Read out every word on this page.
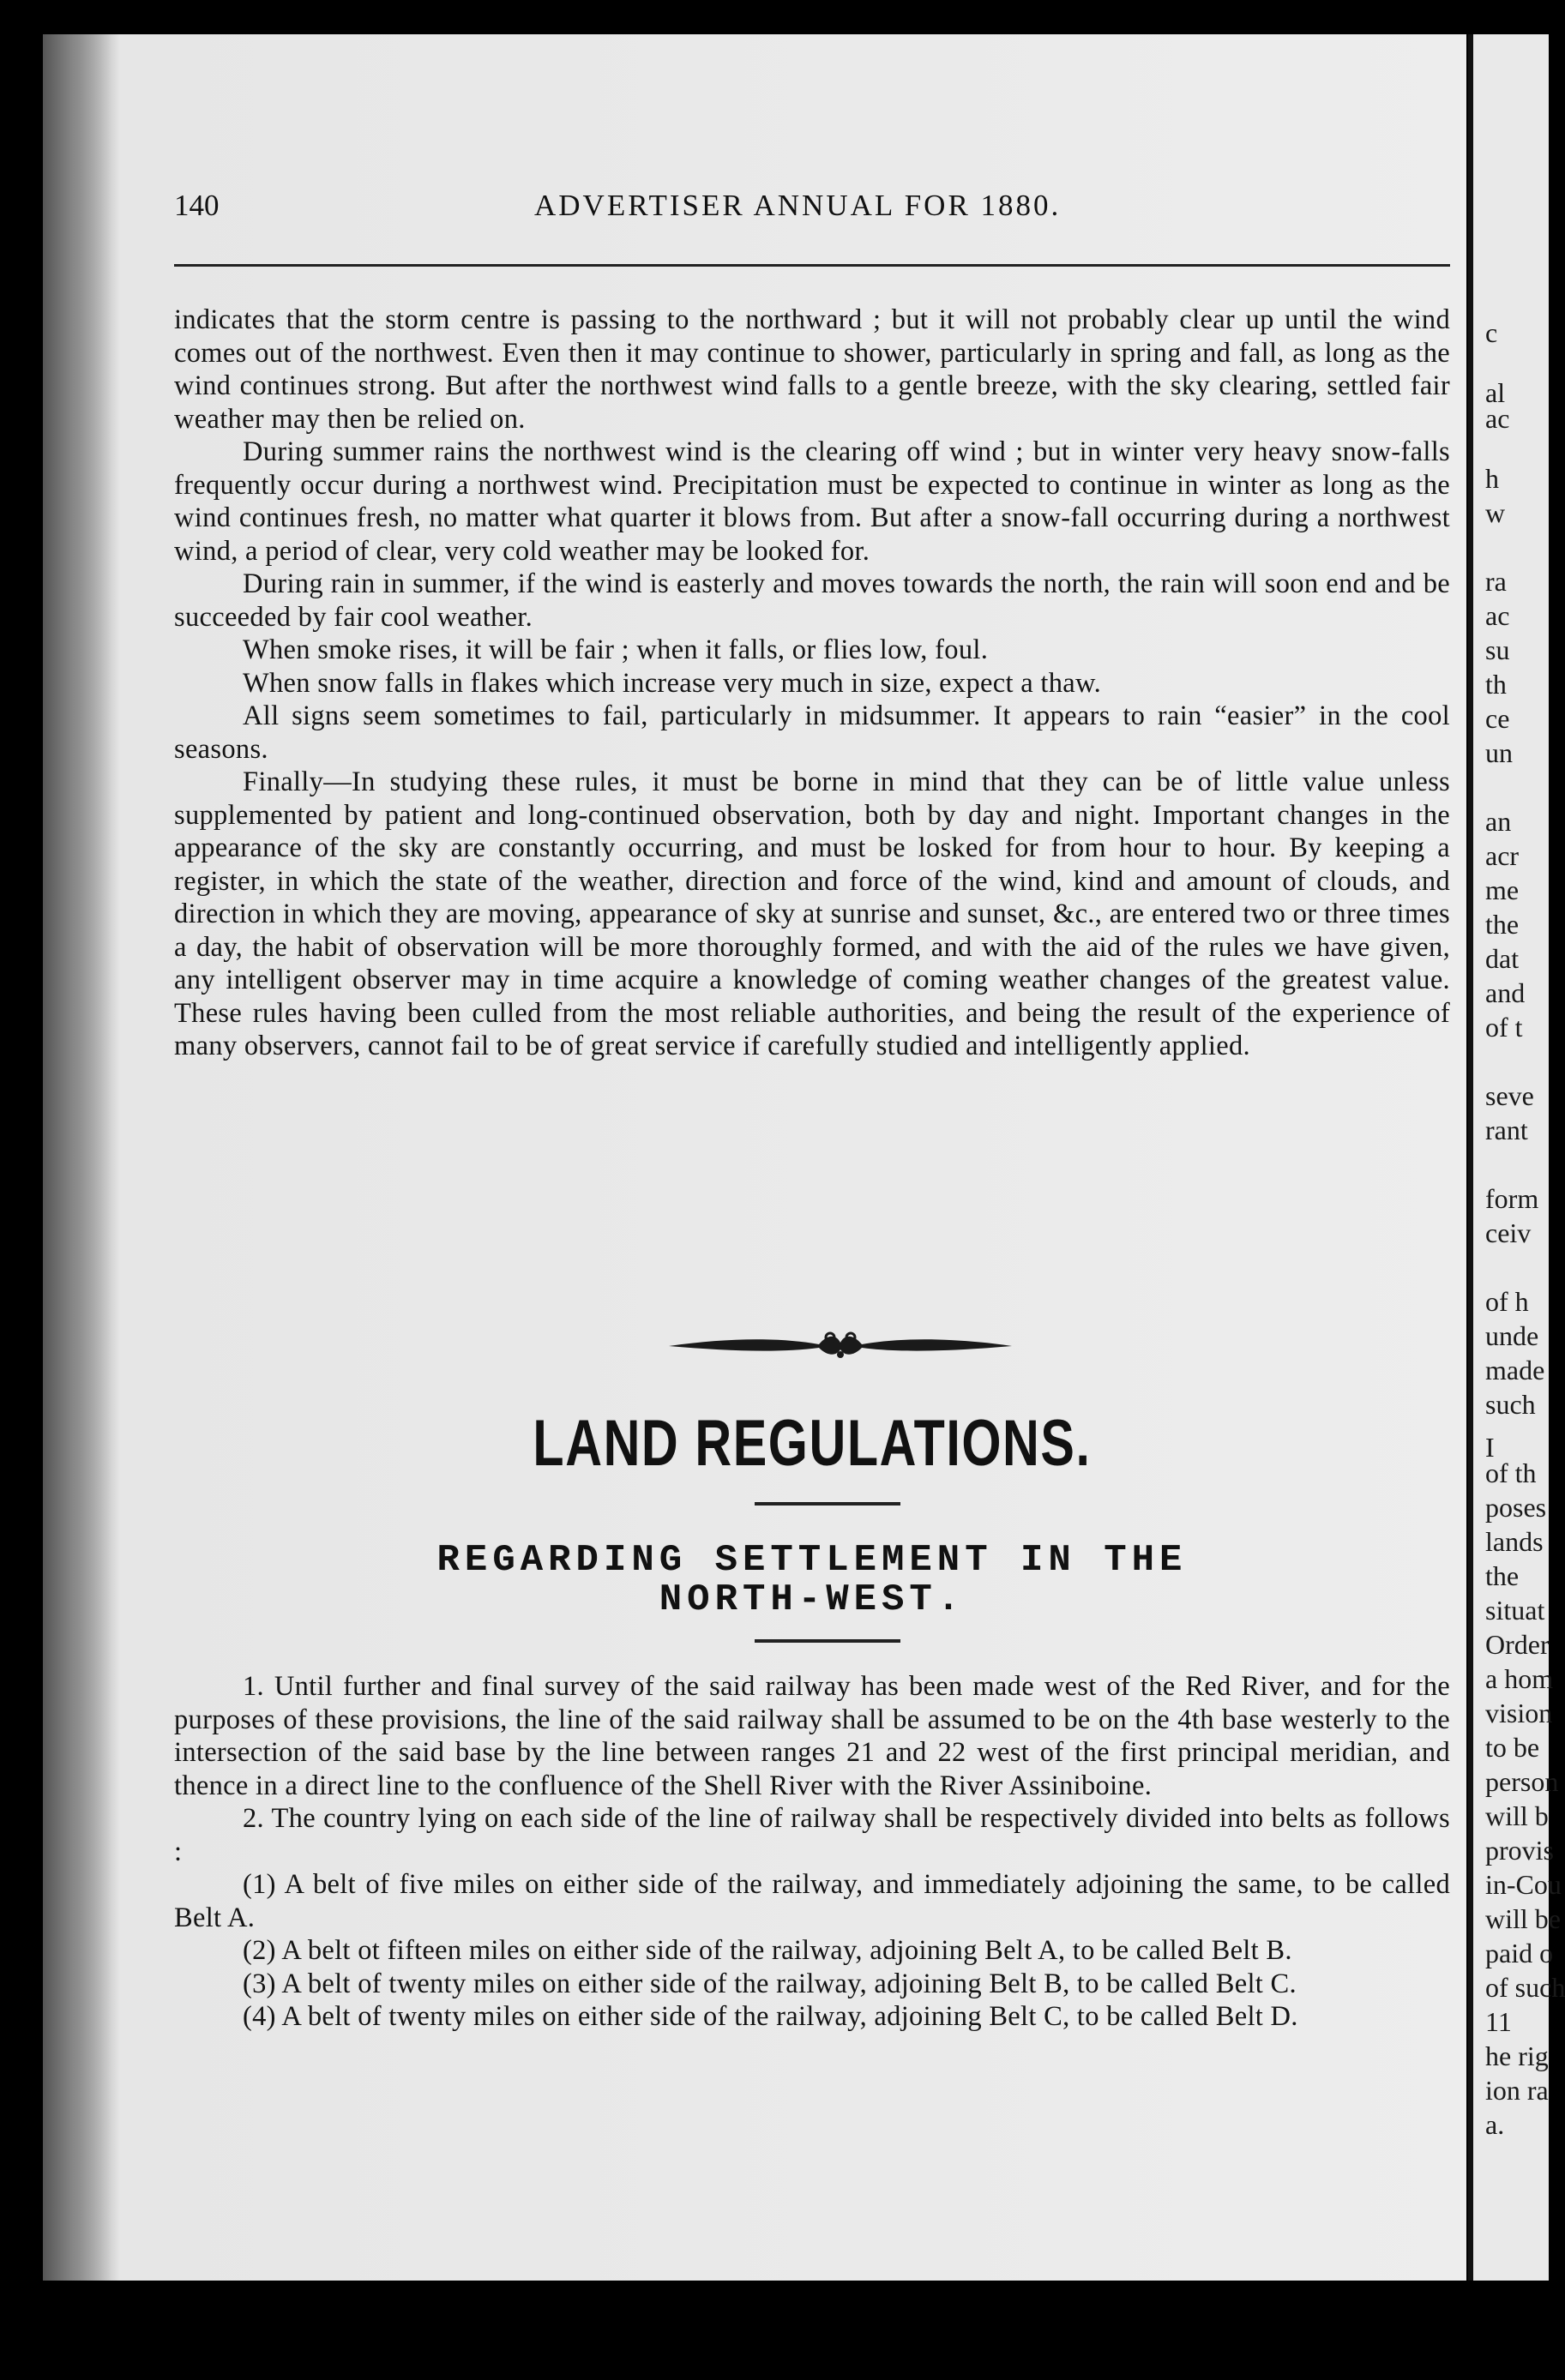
c
al
ac
h
w
ra
ac
su
th
ce
un
an
acr
me
the
dat
and
of t
seve
rant
form
ceiv
of h
unde
made
such
I
of th
poses
lands
the
situat
Order
a hom
vision
to be
person
will b
provis
in-Cou
will be
paid o
of such
11
he rig
ion ra
a.
140	ADVERTISER ANNUAL FOR 1880.

indicates that the storm centre is passing to the northward ; but it will not probably clear up until the wind comes out of the northwest. Even then it may continue to shower, particularly in spring and fall, as long as the wind continues strong. But after the northwest wind falls to a gentle breeze, with the sky clearing, settled fair weather may then be relied on.

During summer rains the northwest wind is the clearing off wind ; but in winter very heavy snow-falls frequently occur during a northwest wind. Precipitation must be expected to continue in winter as long as the wind continues fresh, no matter what quarter it blows from. But after a snow-fall occurring during a northwest wind, a period of clear, very cold weather may be looked for.

During rain in summer, if the wind is easterly and moves towards the north, the rain will soon end and be succeeded by fair cool weather.

When smoke rises, it will be fair ; when it falls, or flies low, foul.

When snow falls in flakes which increase very much in size, expect a thaw.

All signs seem sometimes to fail, particularly in midsummer. It appears to rain “easier” in the cool seasons.

Finally—In studying these rules, it must be borne in mind that they can be of little value unless supplemented by patient and long-continued observation, both by day and night. Important changes in the appearance of the sky are constantly occurring, and must be losked for from hour to hour. By keeping a register, in which the state of the weather, direction and force of the wind, kind and amount of clouds, and direction in which they are moving, appearance of sky at sunrise and sunset, &c., are entered two or three times a day, the habit of observation will be more thoroughly formed, and with the aid of the rules we have given, any intelligent observer may in time acquire a knowledge of coming weather changes of the greatest value. These rules having been culled from the most reliable authorities, and being the result of the experience of many observers, cannot fail to be of great service if carefully studied and intelligently applied.

LAND REGULATIONS.
REGARDING SETTLEMENT IN THE
NORTH-WEST.

1. Until further and final survey of the said railway has been made west of the Red River, and for the purposes of these provisions, the line of the said railway shall be assumed to be on the 4th base westerly to the intersection of the said base by the line between ranges 21 and 22 west of the first principal meridian, and thence in a direct line to the confluence of the Shell River with the River Assiniboine.

2. The country lying on each side of the line of railway shall be respectively divided into belts as follows :

(1) A belt of five miles on either side of the railway, and immediately adjoining the same, to be called Belt A.

(2) A belt ot fifteen miles on either side of the railway, adjoining Belt A, to be called Belt B.

(3) A belt of twenty miles on either side of the railway, adjoining Belt B, to be called Belt C.

(4) A belt of twenty miles on either side of the railway, adjoining Belt C, to be called Belt D.
